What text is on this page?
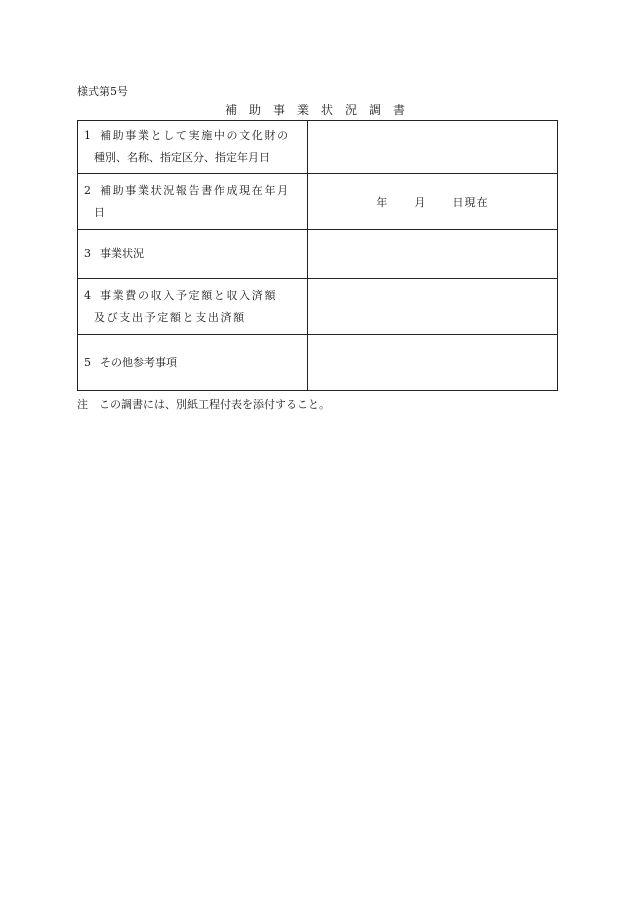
様式第5号
補助事業状況調書
1 補助事業として実施中の文化財の
種別、名称、指定区分、指定年月日	

2 補助事業状況報告書作成現在年月
日	年 月 日現在

3 事業状況	

4 事業費の収入予定額と収入済額
及び支出予定額と支出済額	

5 その他参考事項	

注 この調書には、別紙工程付表を添付すること。
